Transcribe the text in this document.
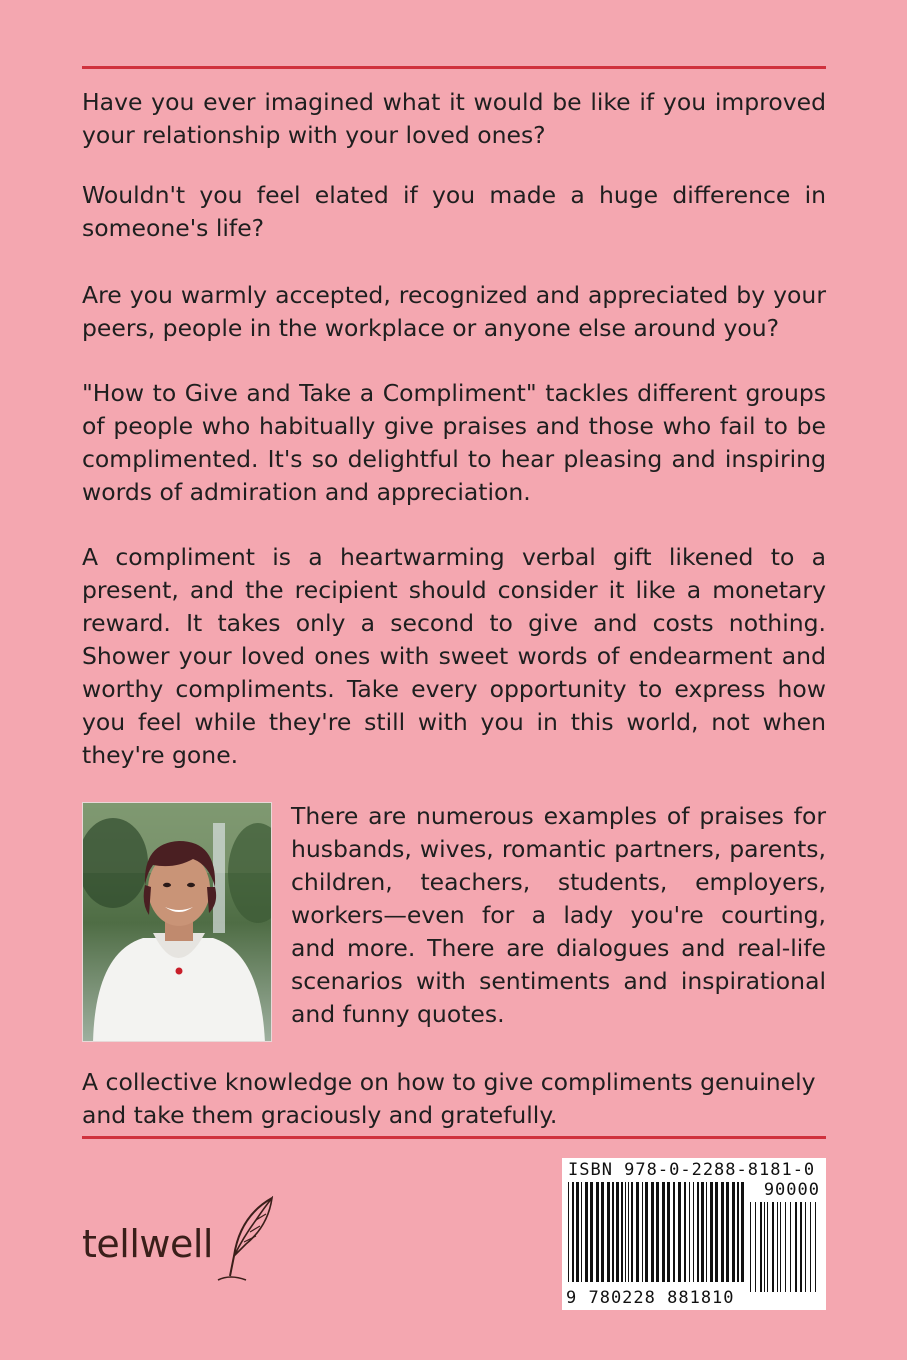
Have you ever imagined what it would be like if you improved your relationship with your loved ones?

Wouldn't you feel elated if you made a huge difference in someone's life?

Are you warmly accepted, recognized and appreciated by your peers, people in the workplace or anyone else around you?

"How to Give and Take a Compliment" tackles different groups of people who habitually give praises and those who fail to be complimented. It's so delightful to hear pleasing and inspiring words of admiration and appreciation.

A compliment is a heartwarming verbal gift likened to a present, and the recipient should consider it like a monetary reward. It takes only a second to give and costs nothing. Shower your loved ones with sweet words of endearment and worthy compliments. Take every opportunity to express how you feel while they're still with you in this world, not when they're gone.

There are numerous examples of praises for husbands, wives, romantic partners, parents, children, teachers, students, employers, workers—even for a lady you're courting, and more. There are dialogues and real-life scenarios with sentiments and inspirational and funny quotes.

A collective knowledge on how to give compliments genuinely and take them graciously and gratefully.

tellwell
ISBN 978-0-2288-8181-0
90000
9 780228 881810
